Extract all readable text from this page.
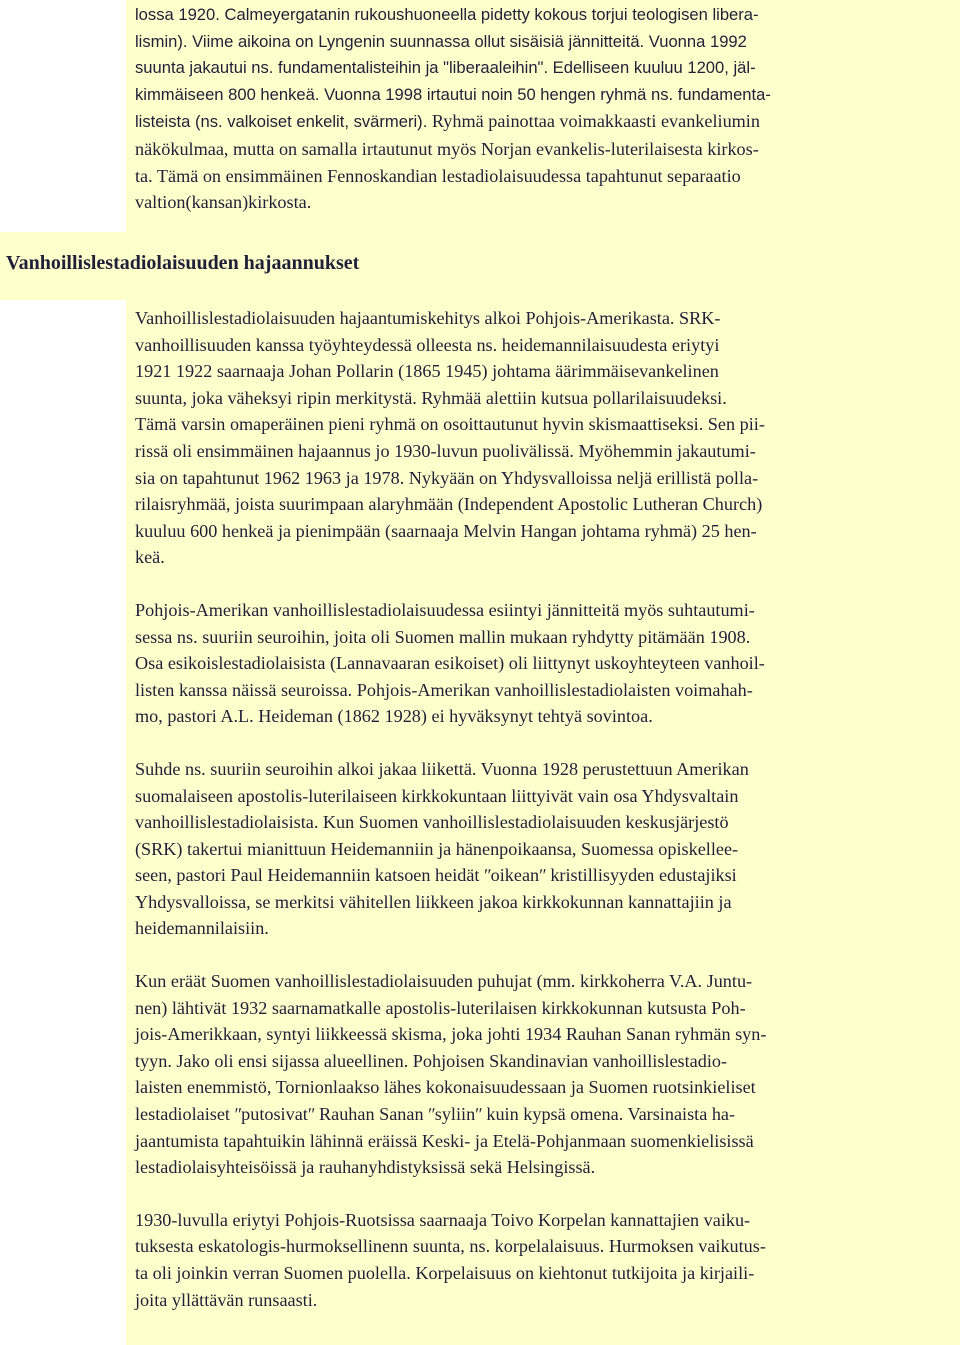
lossa 1920. Calmeyergatanin rukoushuoneella pidetty kokous torjui teologisen libera-
lismin). Viime aikoina on Lyngenin suunnassa ollut sisäisiä jännitteitä. Vuonna 1992
suunta jakautui ns. fundamentalisteihin ja ʺliberaaleihinʺ. Edelliseen kuuluu 1200, jäl-
kimmäiseen 800 henkeä. Vuonna 1998 irtautui noin 50 hengen ryhmä ns. fundamenta-
listeista (ns. valkoiset enkelit, svärmeri). Ryhmä painottaa voimakkaasti evankeliumin
näkökulmaa, mutta on samalla irtautunut myös Norjan evankelis-luterilaisesta kirkos-
ta. Tämä on ensimmäinen Fennoskandian lestadiolaisuudessa tapahtunut separaatio
valtion(kansan)kirkosta.

Vanhoillislestadiolaisuuden hajaannukset

Vanhoillislestadiolaisuuden hajaantumiskehitys alkoi Pohjois-Amerikasta. SRK-
vanhoillisuuden kanssa työyhteydessä olleesta ns. heidemannilaisuudesta eriytyi
1921 1922 saarnaaja Johan Pollarin (1865 1945) johtama äärimmäisevankelinen
suunta, joka väheksyi ripin merkitystä. Ryhmää alettiin kutsua pollarilaisuudeksi.
Tämä varsin omaperäinen pieni ryhmä on osoittautunut hyvin skismaattiseksi. Sen pii-
rissä oli ensimmäinen hajaannus jo 1930-luvun puolivälissä. Myöhemmin jakautumi-
sia on tapahtunut 1962 1963 ja 1978. Nykyään on Yhdysvalloissa neljä erillistä polla-
rilaisryhmää, joista suurimpaan alaryhmään (Independent Apostolic Lutheran Church)
kuuluu 600 henkeä ja pienimpään (saarnaaja Melvin Hangan johtama ryhmä) 25 hen-
keä.

Pohjois-Amerikan vanhoillislestadiolaisuudessa esiintyi jännitteitä myös suhtautumi-
sessa ns. suuriin seuroihin, joita oli Suomen mallin mukaan ryhdytty pitämään 1908.
Osa esikoislestadiolaisista (Lannavaaran esikoiset) oli liittynyt uskoyhteyteen vanhoil-
listen kanssa näissä seuroissa. Pohjois-Amerikan vanhoillislestadiolaisten voimahah-
mo, pastori A.L. Heideman (1862 1928) ei hyväksynyt tehtyä sovintoa.

Suhde ns. suuriin seuroihin alkoi jakaa liikettä. Vuonna 1928 perustettuun Amerikan
suomalaiseen apostolis-luterilaiseen kirkkokuntaan liittyivät vain osa Yhdysvaltain
vanhoillislestadiolaisista. Kun Suomen vanhoillislestadiolaisuuden keskusjärjestö
(SRK) takertui mianittuun Heidemanniin ja hänenpoikaansa, Suomessa opiskellee-
seen, pastori Paul Heidemanniin katsoen heidät ʺoikeanʺ kristillisyyden edustajiksi
Yhdysvalloissa, se merkitsi vähitellen liikkeen jakoa kirkkokunnan kannattajiin ja
heidemannilaisiin.

Kun eräät Suomen vanhoillislestadiolaisuuden puhujat (mm. kirkkoherra V.A. Juntu-
nen) lähtivät 1932 saarnamatkalle apostolis-luterilaisen kirkkokunnan kutsusta Poh-
jois-Amerikkaan, syntyi liikkeessä skisma, joka johti 1934 Rauhan Sanan ryhmän syn-
tyyn. Jako oli ensi sijassa alueellinen. Pohjoisen Skandinavian vanhoillislestadio-
laisten enemmistö, Tornionlaakso lähes kokonaisuudessaan ja Suomen ruotsinkieliset
lestadiolaiset ʺputosivatʺ Rauhan Sanan ʺsyliinʺ kuin kypsä omena. Varsinaista ha-
jaantumista tapahtuikin lähinnä eräissä Keski- ja Etelä-Pohjanmaan suomenkielisissä
lestadiolaisyhteisöissä ja rauhanyhdistyksissä sekä Helsingissä.

1930-luvulla eriytyi Pohjois-Ruotsissa saarnaaja Toivo Korpelan kannattajien vaiku-
tuksesta eskatologis-hurmoksellinenn suunta, ns. korpelalaisuus. Hurmoksen vaikutus-
ta oli joinkin verran Suomen puolella. Korpelaisuus on kiehtonut tutkijoita ja kirjaili-
joita yllättävän runsaasti.
